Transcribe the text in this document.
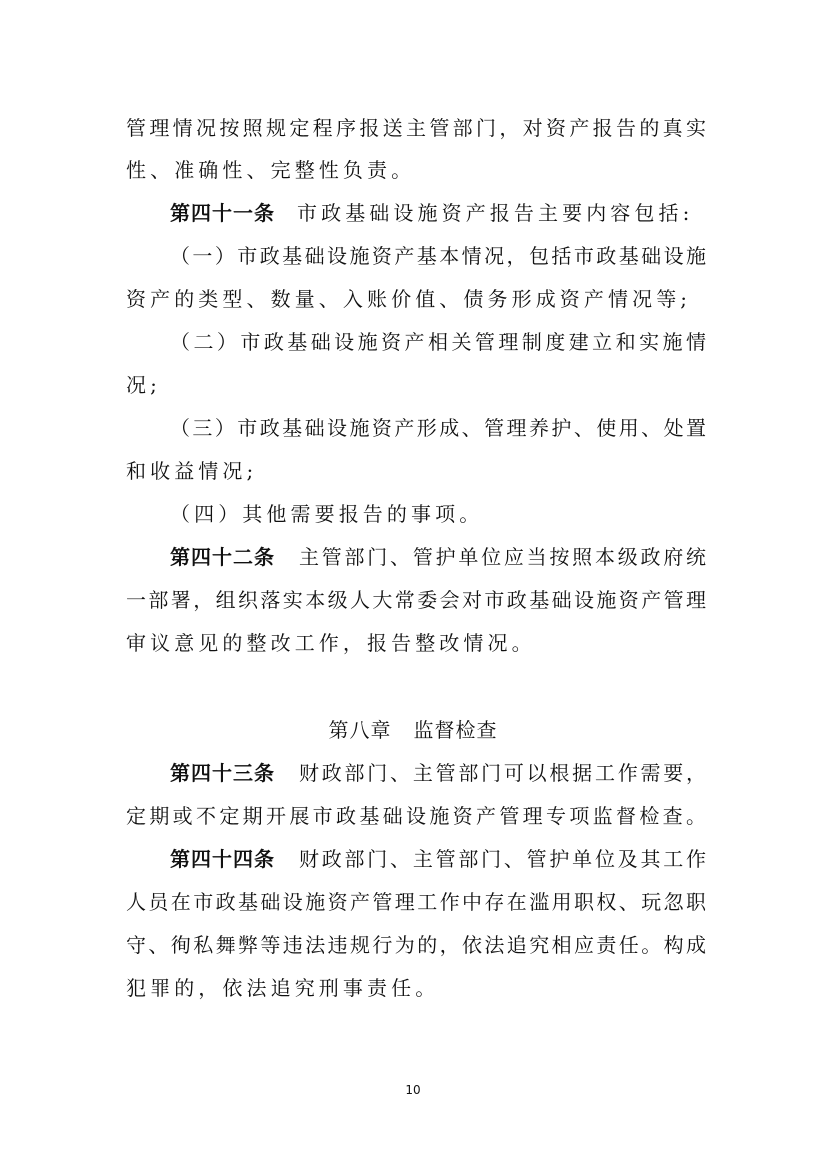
管理情况按照规定程序报送主管部门，对资产报告的真实
性、准确性、完整性负责。
第四十一条 市政基础设施资产报告主要内容包括:
（一）市政基础设施资产基本情况，包括市政基础设施
资产的类型、数量、入账价值、债务形成资产情况等;
（二）市政基础设施资产相关管理制度建立和实施情
况;
（三）市政基础设施资产形成、管理养护、使用、处置
和收益情况;
（四）其他需要报告的事项。
第四十二条 主管部门、管护单位应当按照本级政府统
一部署，组织落实本级人大常委会对市政基础设施资产管理
审议意见的整改工作，报告整改情况。
第八章 监督检查
第四十三条 财政部门、主管部门可以根据工作需要，
定期或不定期开展市政基础设施资产管理专项监督检查。
第四十四条 财政部门、主管部门、管护单位及其工作
人员在市政基础设施资产管理工作中存在滥用职权、玩忽职
守、徇私舞弊等违法违规行为的，依法追究相应责任。构成
犯罪的，依法追究刑事责任。
10
